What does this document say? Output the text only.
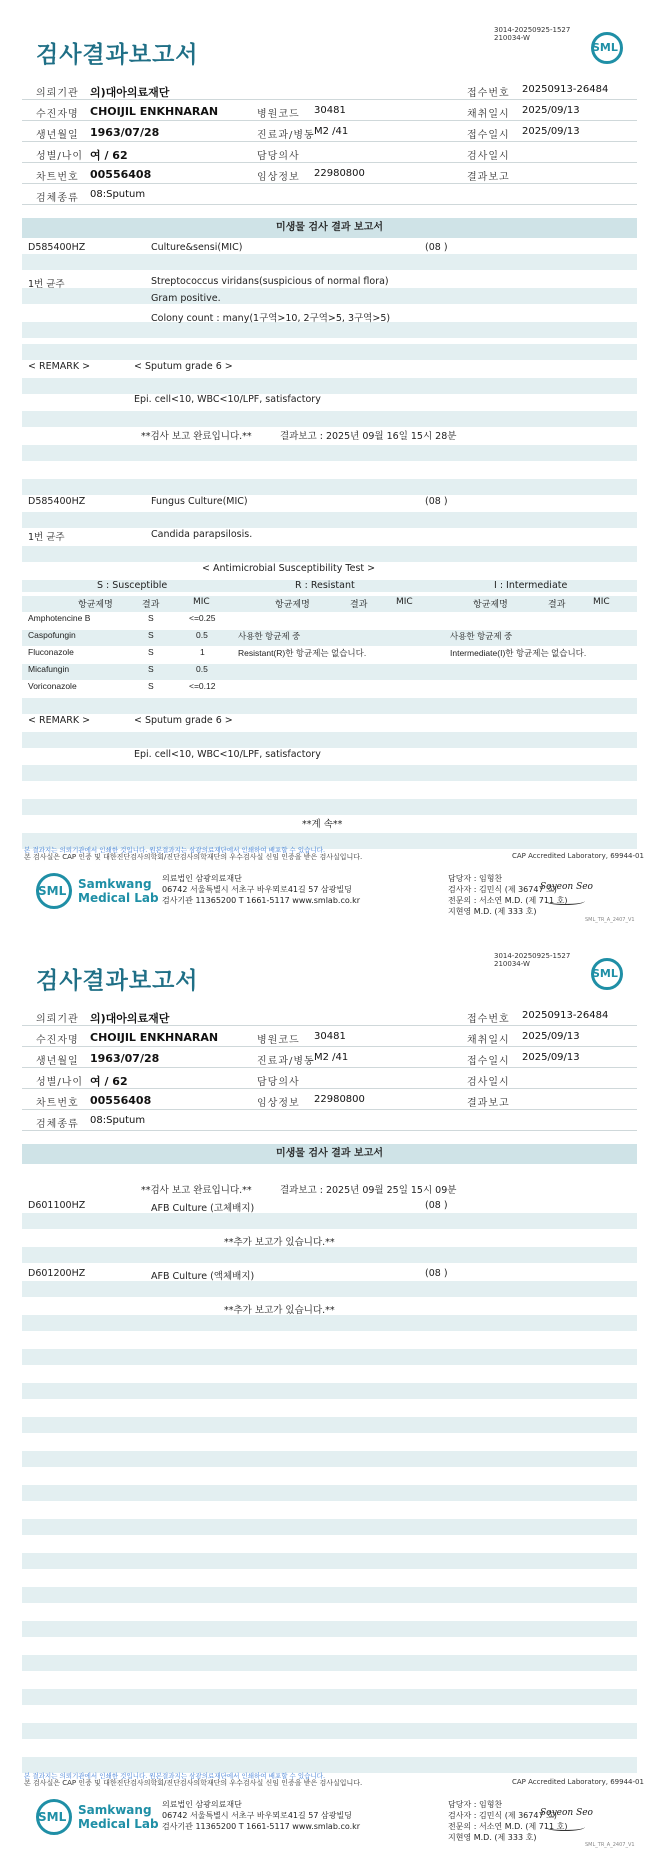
검사결과보고서
3014-20250925-1527
210034-W
SML
의뢰기관 의)대아의료재단	접수번호 20250913-26484
수진자명 CHOIJIL ENKHNARAN	병원코드 30481	채취일시 2025/09/13
생년월일 1963/07/28	진료과/병동 M2 /41	접수일시 2025/09/13
성별/나이 여 / 62	담당의사	검사일시
차트번호 00556408	임상정보 22980800	결과보고
검체종류 08:Sputum
미생물 검사 결과 보고서
D585400HZ	Culture&sensi(MIC)	(08 )
1번 균주	Streptococcus viridans(suspicious of normal flora)
Gram positive.
Colony count : many(1구역>10, 2구역>5, 3구역>5)
< REMARK >	< Sputum grade 6 >
Epi. cell<10, WBC<10/LPF, satisfactory
**검사 보고 완료입니다.**	결과보고 : 2025년 09월 16일 15시 28분
D585400HZ	Fungus Culture(MIC)	(08 )
1번 균주	Candida parapsilosis.
< Antimicrobial Susceptibility Test >
S : Susceptible	R : Resistant	I : Intermediate
항균제명	결과	MIC	항균제명	결과	MIC	항균제명	결과	MIC
Amphotencine B	S	<=0.25
Caspofungin	S	0.5
Fluconazole	S	1
Micafungin	S	0.5
Voriconazole	S	<=0.12
사용한 항균제 중
Resistant(R)한 항균제는 없습니다.
사용한 항균제 중
Intermediate(I)한 항균제는 없습니다.
< REMARK >	< Sputum grade 6 >
Epi. cell<10, WBC<10/LPF, satisfactory
**계 속**
본 결과지는 의뢰기관에서 인쇄한 것입니다. 원본결과지는 삼광의료재단에서 인쇄하여 배포할 수 있습니다.
본 검사실은 CAP 인증 및 대한진단검사의학회/진단검사의학재단의 우수검사실 신임 인증을 받은 검사실입니다.	CAP Accredited Laboratory, 69944-01
SML Samkwang
Medical Lab
의료법인 삼광의료재단
06742 서울특별시 서초구 바우뫼로41길 57 삼광빌딩
검사기관 11365200 T 1661-5117 www.smlab.co.kr
담당자 : 임형찬
검사자 : 김민식 (제 36747 호)
전문의 : 서소연 M.D. (제 711 호)
지현영 M.D. (제 333 호)
Soyeon Seo
SML_TR_A_2407_V1
검사결과보고서
3014-20250925-1527
210034-W
SML
의뢰기관 의)대아의료재단	접수번호 20250913-26484
수진자명 CHOIJIL ENKHNARAN	병원코드 30481	채취일시 2025/09/13
생년월일 1963/07/28	진료과/병동 M2 /41	접수일시 2025/09/13
성별/나이 여 / 62	담당의사	검사일시
차트번호 00556408	임상정보 22980800	결과보고
검체종류 08:Sputum
미생물 검사 결과 보고서
**검사 보고 완료입니다.**	결과보고 : 2025년 09월 25일 15시 09분
D601100HZ	AFB Culture (고체배지)	(08 )
**추가 보고가 있습니다.**
D601200HZ	AFB Culture (액체배지)	(08 )
**추가 보고가 있습니다.**
본 결과지는 의뢰기관에서 인쇄한 것입니다. 원본결과지는 삼광의료재단에서 인쇄하여 배포할 수 있습니다.
본 검사실은 CAP 인증 및 대한진단검사의학회/진단검사의학재단의 우수검사실 신임 인증을 받은 검사실입니다.	CAP Accredited Laboratory, 69944-01
SML Samkwang
Medical Lab
의료법인 삼광의료재단
06742 서울특별시 서초구 바우뫼로41길 57 삼광빌딩
검사기관 11365200 T 1661-5117 www.smlab.co.kr
담당자 : 임형찬
검사자 : 김민식 (제 36747 호)
전문의 : 서소연 M.D. (제 711 호)
지현영 M.D. (제 333 호)
Soyeon Seo
SML_TR_A_2407_V1
